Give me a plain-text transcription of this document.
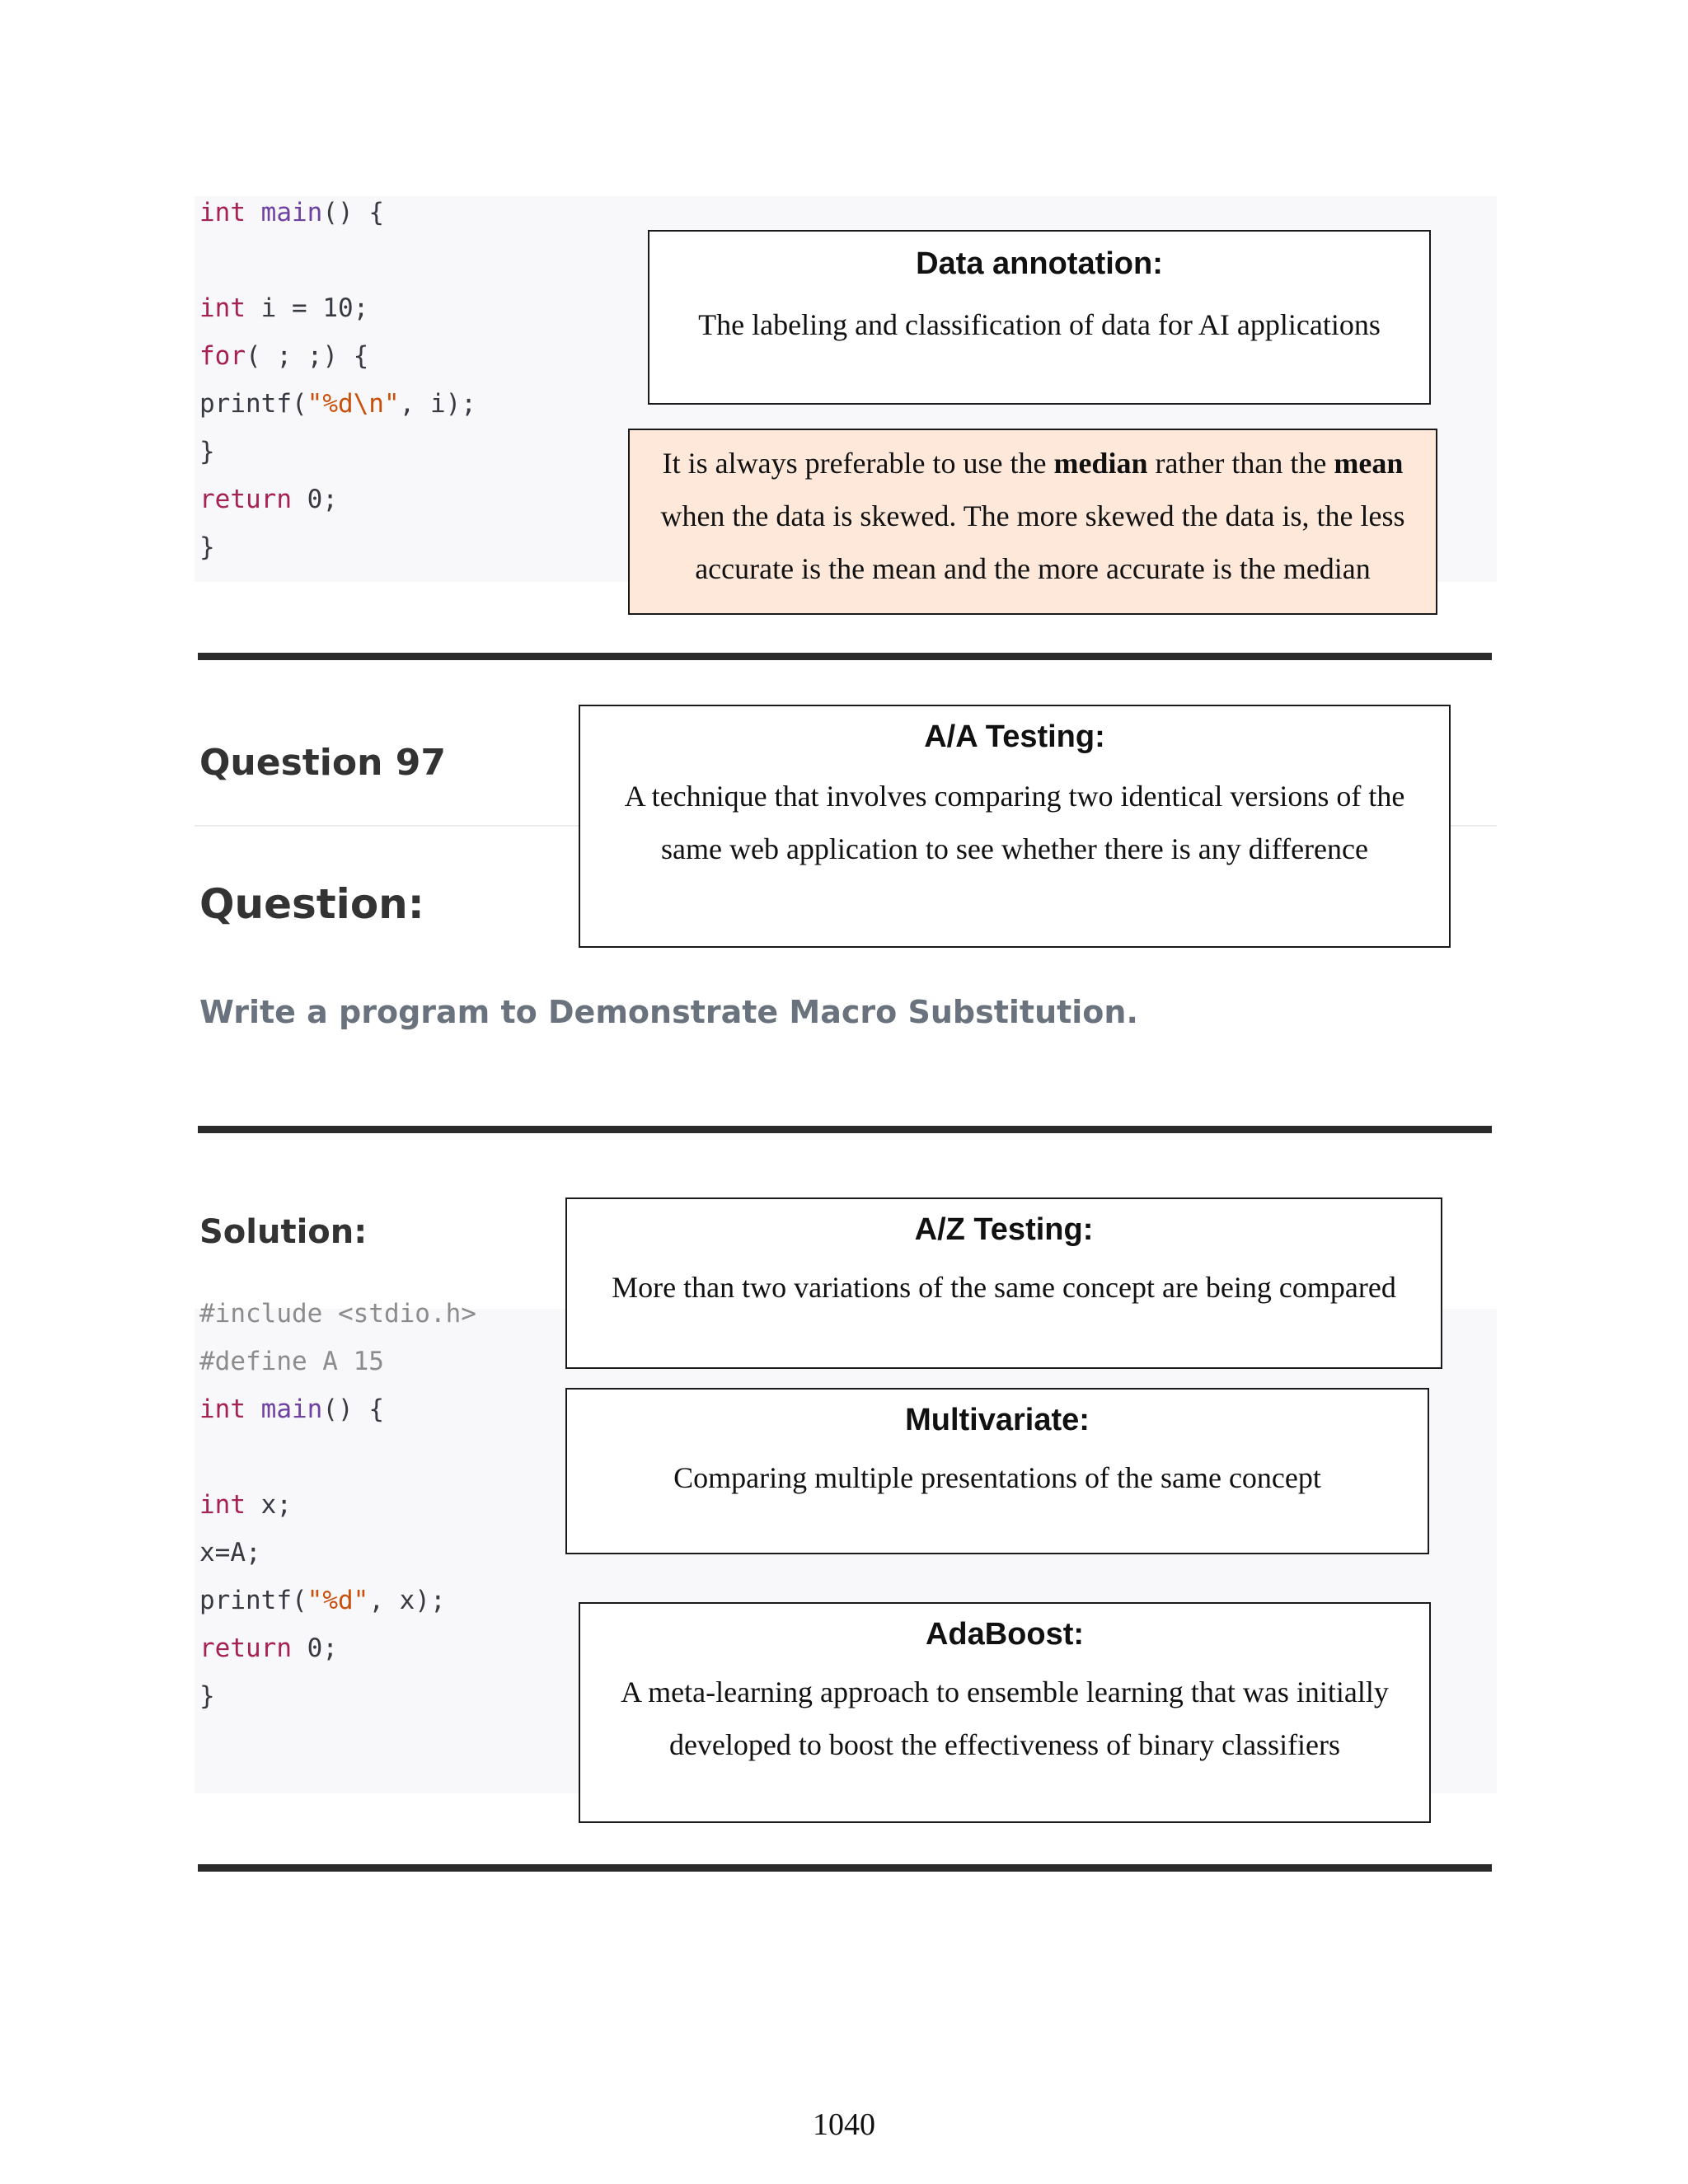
int main() {
int i = 10;
for( ; ;) {
printf("%d\n", i);
}
return 0;
}
Data annotation:
The labeling and classification of data for AI applications
It is always preferable to use the median rather than the mean when the data is skewed. The more skewed the data is, the less accurate is the mean and the more accurate is the median
Question 97
Question:
A/A Testing:
A technique that involves comparing two identical versions of the same web application to see whether there is any difference
Write a program to Demonstrate Macro Substitution.
Solution:
#include <stdio.h>
#define A 15
int main() {
int x;
x=A;
printf("%d", x);
return 0;
}
A/Z Testing:
More than two variations of the same concept are being compared
Multivariate:
Comparing multiple presentations of the same concept
AdaBoost:
A meta-learning approach to ensemble learning that was initially developed to boost the effectiveness of binary classifiers
1040
